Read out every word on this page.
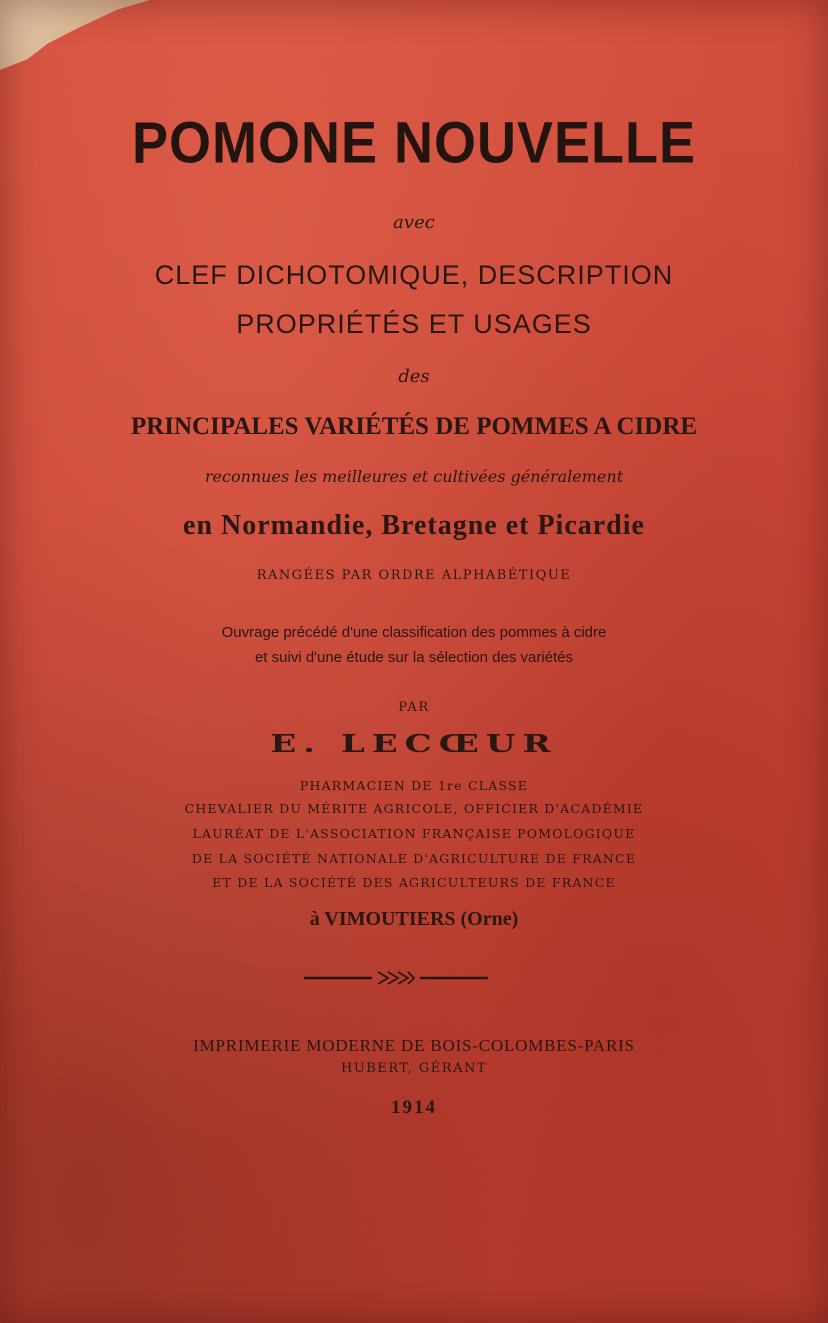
POMONE NOUVELLE
avec
CLEF DICHOTOMIQUE, DESCRIPTION
PROPRIÉTÉS ET USAGES
des
PRINCIPALES VARIÉTÉS DE POMMES A CIDRE
reconnues les meilleures et cultivées généralement
en Normandie, Bretagne et Picardie
RANGÉES PAR ORDRE ALPHABÉTIQUE
Ouvrage précédé d'une classification des pommes à cidre
et suivi d'une étude sur la sélection des variétés
PAR
E. LECŒUR
PHARMACIEN DE 1re CLASSE
CHEVALIER DU MÉRITE AGRICOLE, OFFICIER D'ACADÉMIE
LAURÉAT DE L'ASSOCIATION FRANÇAISE POMOLOGIQUE
DE LA SOCIÉTÉ NATIONALE D'AGRICULTURE DE FRANCE
ET DE LA SOCIÉTÉ DES AGRICULTEURS DE FRANCE
à VIMOUTIERS (Orne)
IMPRIMERIE MODERNE DE BOIS-COLOMBES-PARIS
HUBERT, GÉRANT
1914
